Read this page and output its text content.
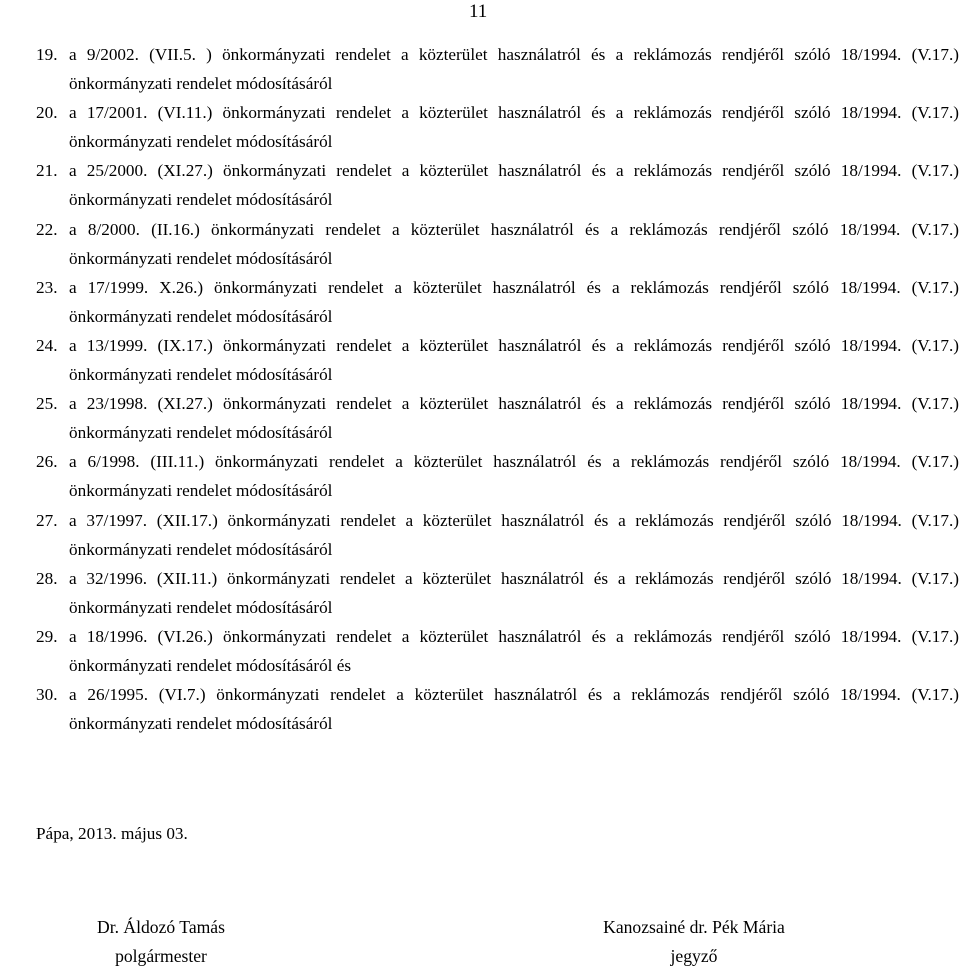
11
19. a 9/2002. (VII.5. ) önkormányzati rendelet a közterület használatról és a reklámozás rendjéről szóló 18/1994. (V.17.) önkormányzati rendelet módosításáról
20. a 17/2001. (VI.11.) önkormányzati rendelet a közterület használatról és a reklámozás rendjéről szóló 18/1994. (V.17.) önkormányzati rendelet módosításáról
21. a 25/2000. (XI.27.) önkormányzati rendelet a közterület használatról és a reklámozás rendjéről szóló 18/1994. (V.17.) önkormányzati rendelet módosításáról
22. a 8/2000. (II.16.) önkormányzati rendelet a közterület használatról és a reklámozás rendjéről szóló 18/1994. (V.17.) önkormányzati rendelet módosításáról
23. a 17/1999. X.26.) önkormányzati rendelet a közterület használatról és a reklámozás rendjéről szóló 18/1994. (V.17.) önkormányzati rendelet módosításáról
24. a 13/1999. (IX.17.) önkormányzati rendelet a közterület használatról és a reklámozás rendjéről szóló 18/1994. (V.17.) önkormányzati rendelet módosításáról
25. a 23/1998. (XI.27.) önkormányzati rendelet a közterület használatról és a reklámozás rendjéről szóló 18/1994. (V.17.) önkormányzati rendelet módosításáról
26. a 6/1998. (III.11.) önkormányzati rendelet a közterület használatról és a reklámozás rendjéről szóló 18/1994. (V.17.) önkormányzati rendelet módosításáról
27. a 37/1997. (XII.17.) önkormányzati rendelet a közterület használatról és a reklámozás rendjéről szóló 18/1994. (V.17.) önkormányzati rendelet módosításáról
28. a 32/1996. (XII.11.) önkormányzati rendelet a közterület használatról és a reklámozás rendjéről szóló 18/1994. (V.17.) önkormányzati rendelet módosításáról
29. a 18/1996. (VI.26.) önkormányzati rendelet a közterület használatról és a reklámozás rendjéről szóló 18/1994. (V.17.) önkormányzati rendelet módosításáról és
30. a 26/1995. (VI.7.) önkormányzati rendelet a közterület használatról és a reklámozás rendjéről szóló 18/1994. (V.17.) önkormányzati rendelet módosításáról
Pápa, 2013. május 03.
Dr. Áldozó Tamás
polgármester
Kanozsainé dr. Pék Mária
jegyző
